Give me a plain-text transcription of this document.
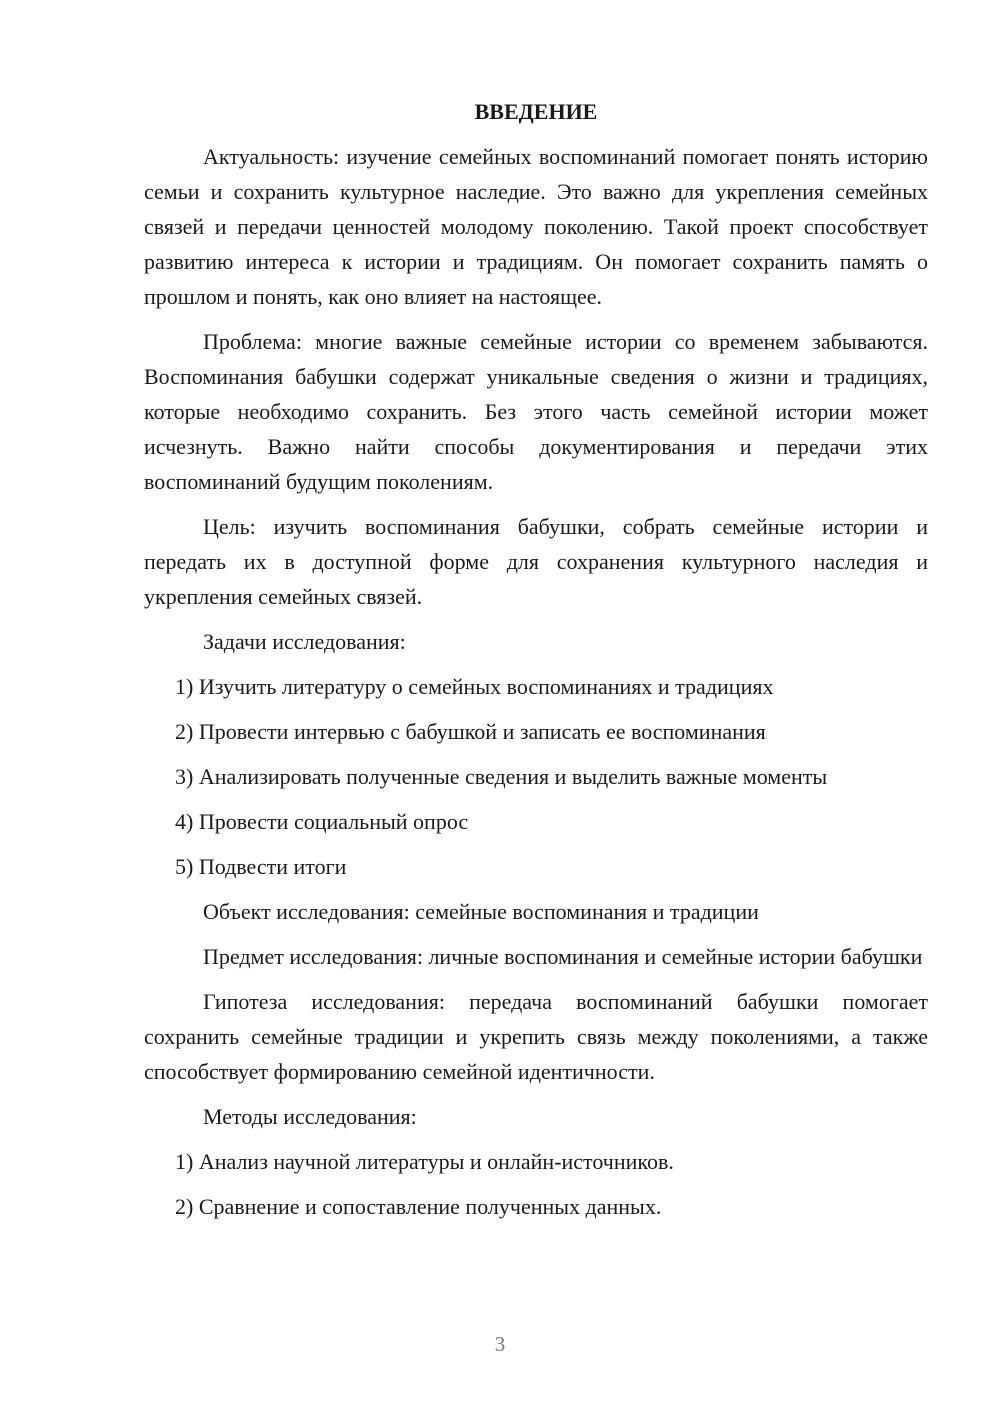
ВВЕДЕНИЕ

Актуальность: изучение семейных воспоминаний помогает понять историю семьи и сохранить культурное наследие. Это важно для укрепления семейных связей и передачи ценностей молодому поколению. Такой проект способствует развитию интереса к истории и традициям. Он помогает сохранить память о прошлом и понять, как оно влияет на настоящее.

Проблема: многие важные семейные истории со временем забываются. Воспоминания бабушки содержат уникальные сведения о жизни и традициях, которые необходимо сохранить. Без этого часть семейной истории может исчезнуть. Важно найти способы документирования и передачи этих воспоминаний будущим поколениям.

Цель: изучить воспоминания бабушки, собрать семейные истории и передать их в доступной форме для сохранения культурного наследия и укрепления семейных связей.

Задачи исследования:

1) Изучить литературу о семейных воспоминаниях и традициях

2) Провести интервью с бабушкой и записать ее воспоминания

3) Анализировать полученные сведения и выделить важные моменты

4) Провести социальный опрос

5) Подвести итоги

Объект исследования: семейные воспоминания и традиции

Предмет исследования: личные воспоминания и семейные истории бабушки

Гипотеза исследования: передача воспоминаний бабушки помогает сохранить семейные традиции и укрепить связь между поколениями, а также способствует формированию семейной идентичности.

Методы исследования:

1) Анализ научной литературы и онлайн-источников.

2) Сравнение и сопоставление полученных данных.

3
